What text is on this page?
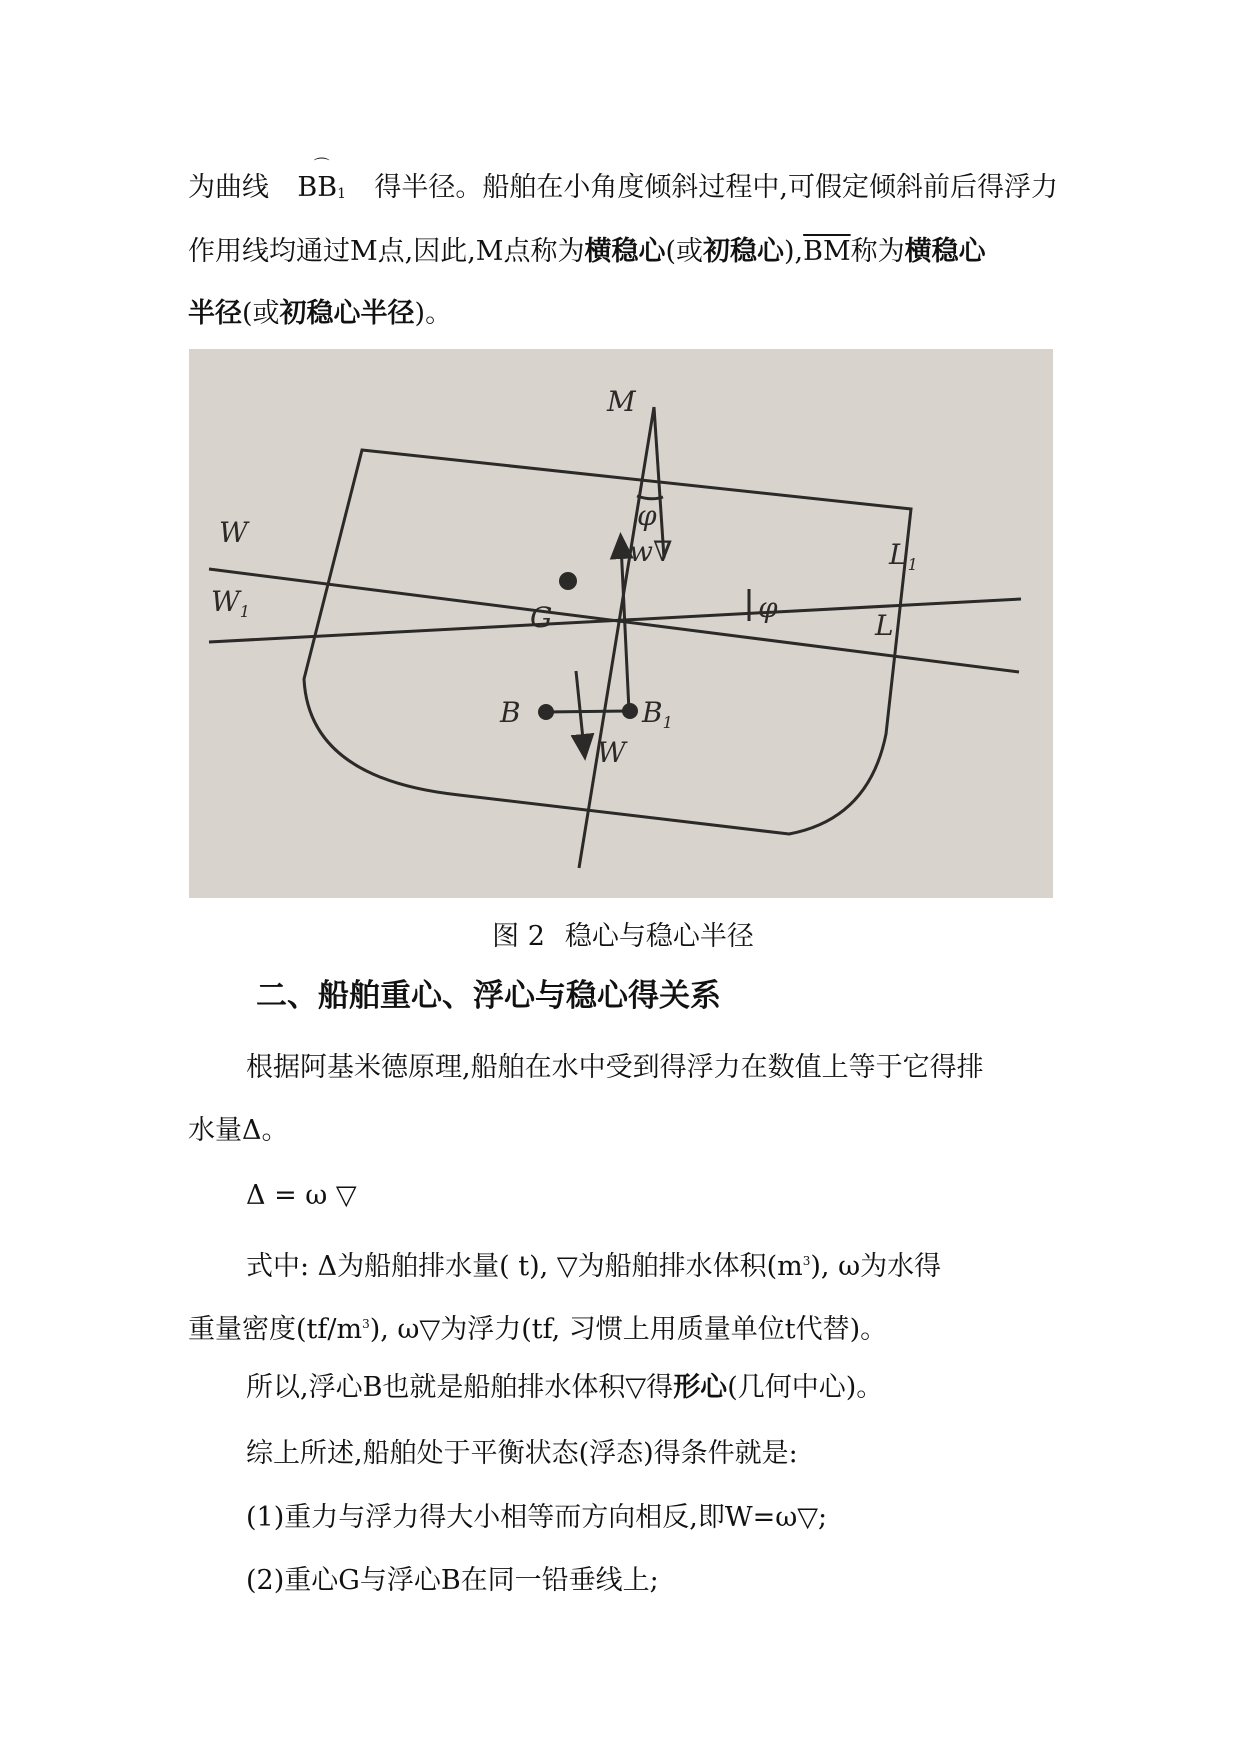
为曲线
⌒
BB1 得半径。船舶在小角度倾斜过程中,可假定倾斜前后得浮力
作用线均通过M点,因此,M点称为横稳心(或初稳心)$,\overline{BM}$称为横稳心
半径(或初稳心半径)。
M
φ
w∇
W
$L_1$
$W_1$	G	φ
L
B	$B_1$
W
图 2 稳心与稳心半径
二、船舶重心、浮心与稳心得关系
根据阿基米德原理,船舶在水中受到得浮力在数值上等于它得排
水量Δ。
Δ = ω ▽
式中: Δ为船舶排水量( t), ▽为船舶排水体积$(m^3)$, ω为水得
重量密度$(tf/m^3)$, ω▽为浮力(tf, 习惯上用质量单位t代替)。
所以,浮心B也就是船舶排水体积▽得形心(几何中心)。
综上所述,船舶处于平衡状态(浮态)得条件就是:
(1)重力与浮力得大小相等而方向相反,即W=ω▽;
(2)重心G与浮心B在同一铅垂线上;
